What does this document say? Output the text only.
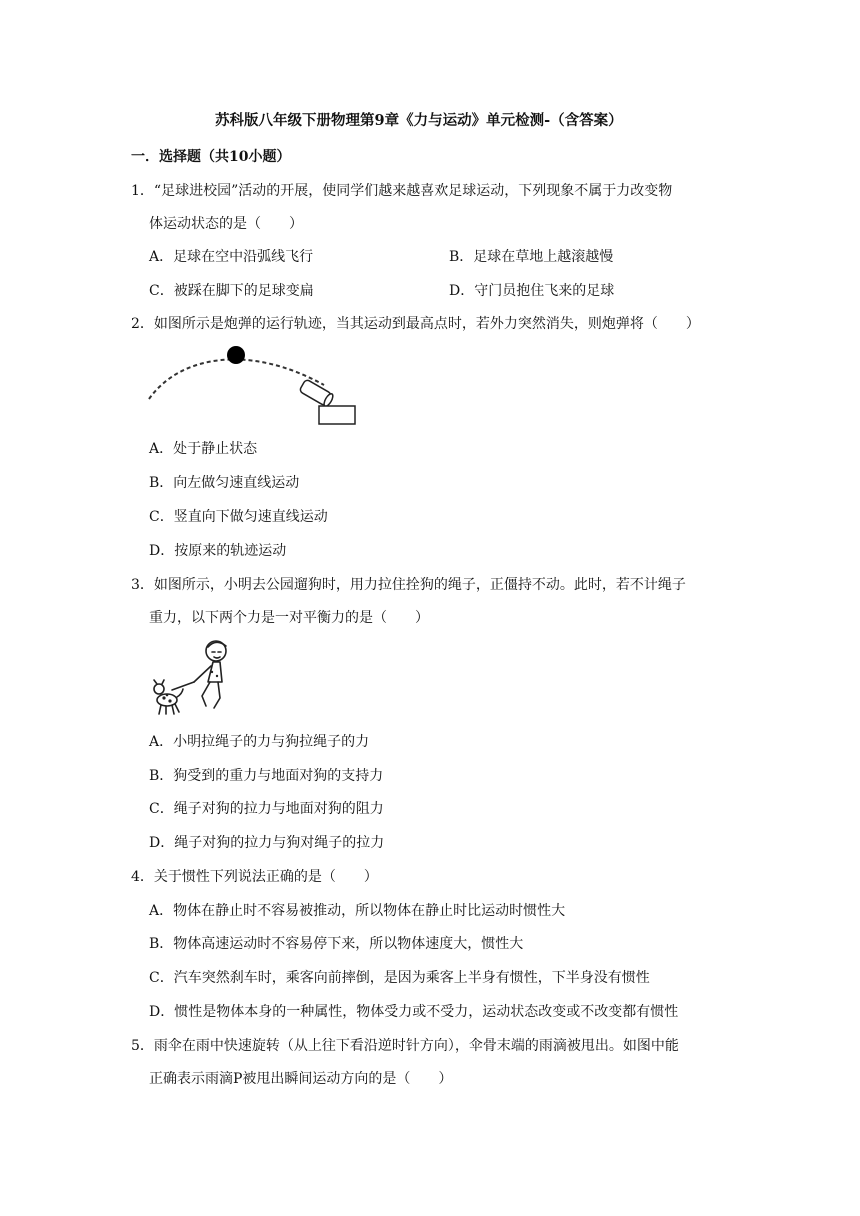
苏科版八年级下册物理第9章《力与运动》单元检测-（含答案）
一．选择题（共10小题）
1．“足球进校园”活动的开展，使同学们越来越喜欢足球运动，下列现象不属于力改变物
体运动状态的是（　　）
A．足球在空中沿弧线飞行	B．足球在草地上越滚越慢
C．被踩在脚下的足球变扁	D．守门员抱住飞来的足球
2．如图所示是炮弹的运行轨迹，当其运动到最高点时，若外力突然消失，则炮弹将（　　）
A．处于静止状态
B．向左做匀速直线运动
C．竖直向下做匀速直线运动
D．按原来的轨迹运动
3．如图所示，小明去公园遛狗时，用力拉住拴狗的绳子，正僵持不动。此时，若不计绳子
重力，以下两个力是一对平衡力的是（　　）
A．小明拉绳子的力与狗拉绳子的力
B．狗受到的重力与地面对狗的支持力
C．绳子对狗的拉力与地面对狗的阻力
D．绳子对狗的拉力与狗对绳子的拉力
4．关于惯性下列说法正确的是（　　）
A．物体在静止时不容易被推动，所以物体在静止时比运动时惯性大
B．物体高速运动时不容易停下来，所以物体速度大，惯性大
C．汽车突然刹车时，乘客向前摔倒，是因为乘客上半身有惯性，下半身没有惯性
D．惯性是物体本身的一种属性，物体受力或不受力，运动状态改变或不改变都有惯性
5．雨伞在雨中快速旋转（从上往下看沿逆时针方向），伞骨末端的雨滴被甩出。如图中能
正确表示雨滴P被甩出瞬间运动方向的是（　　）
